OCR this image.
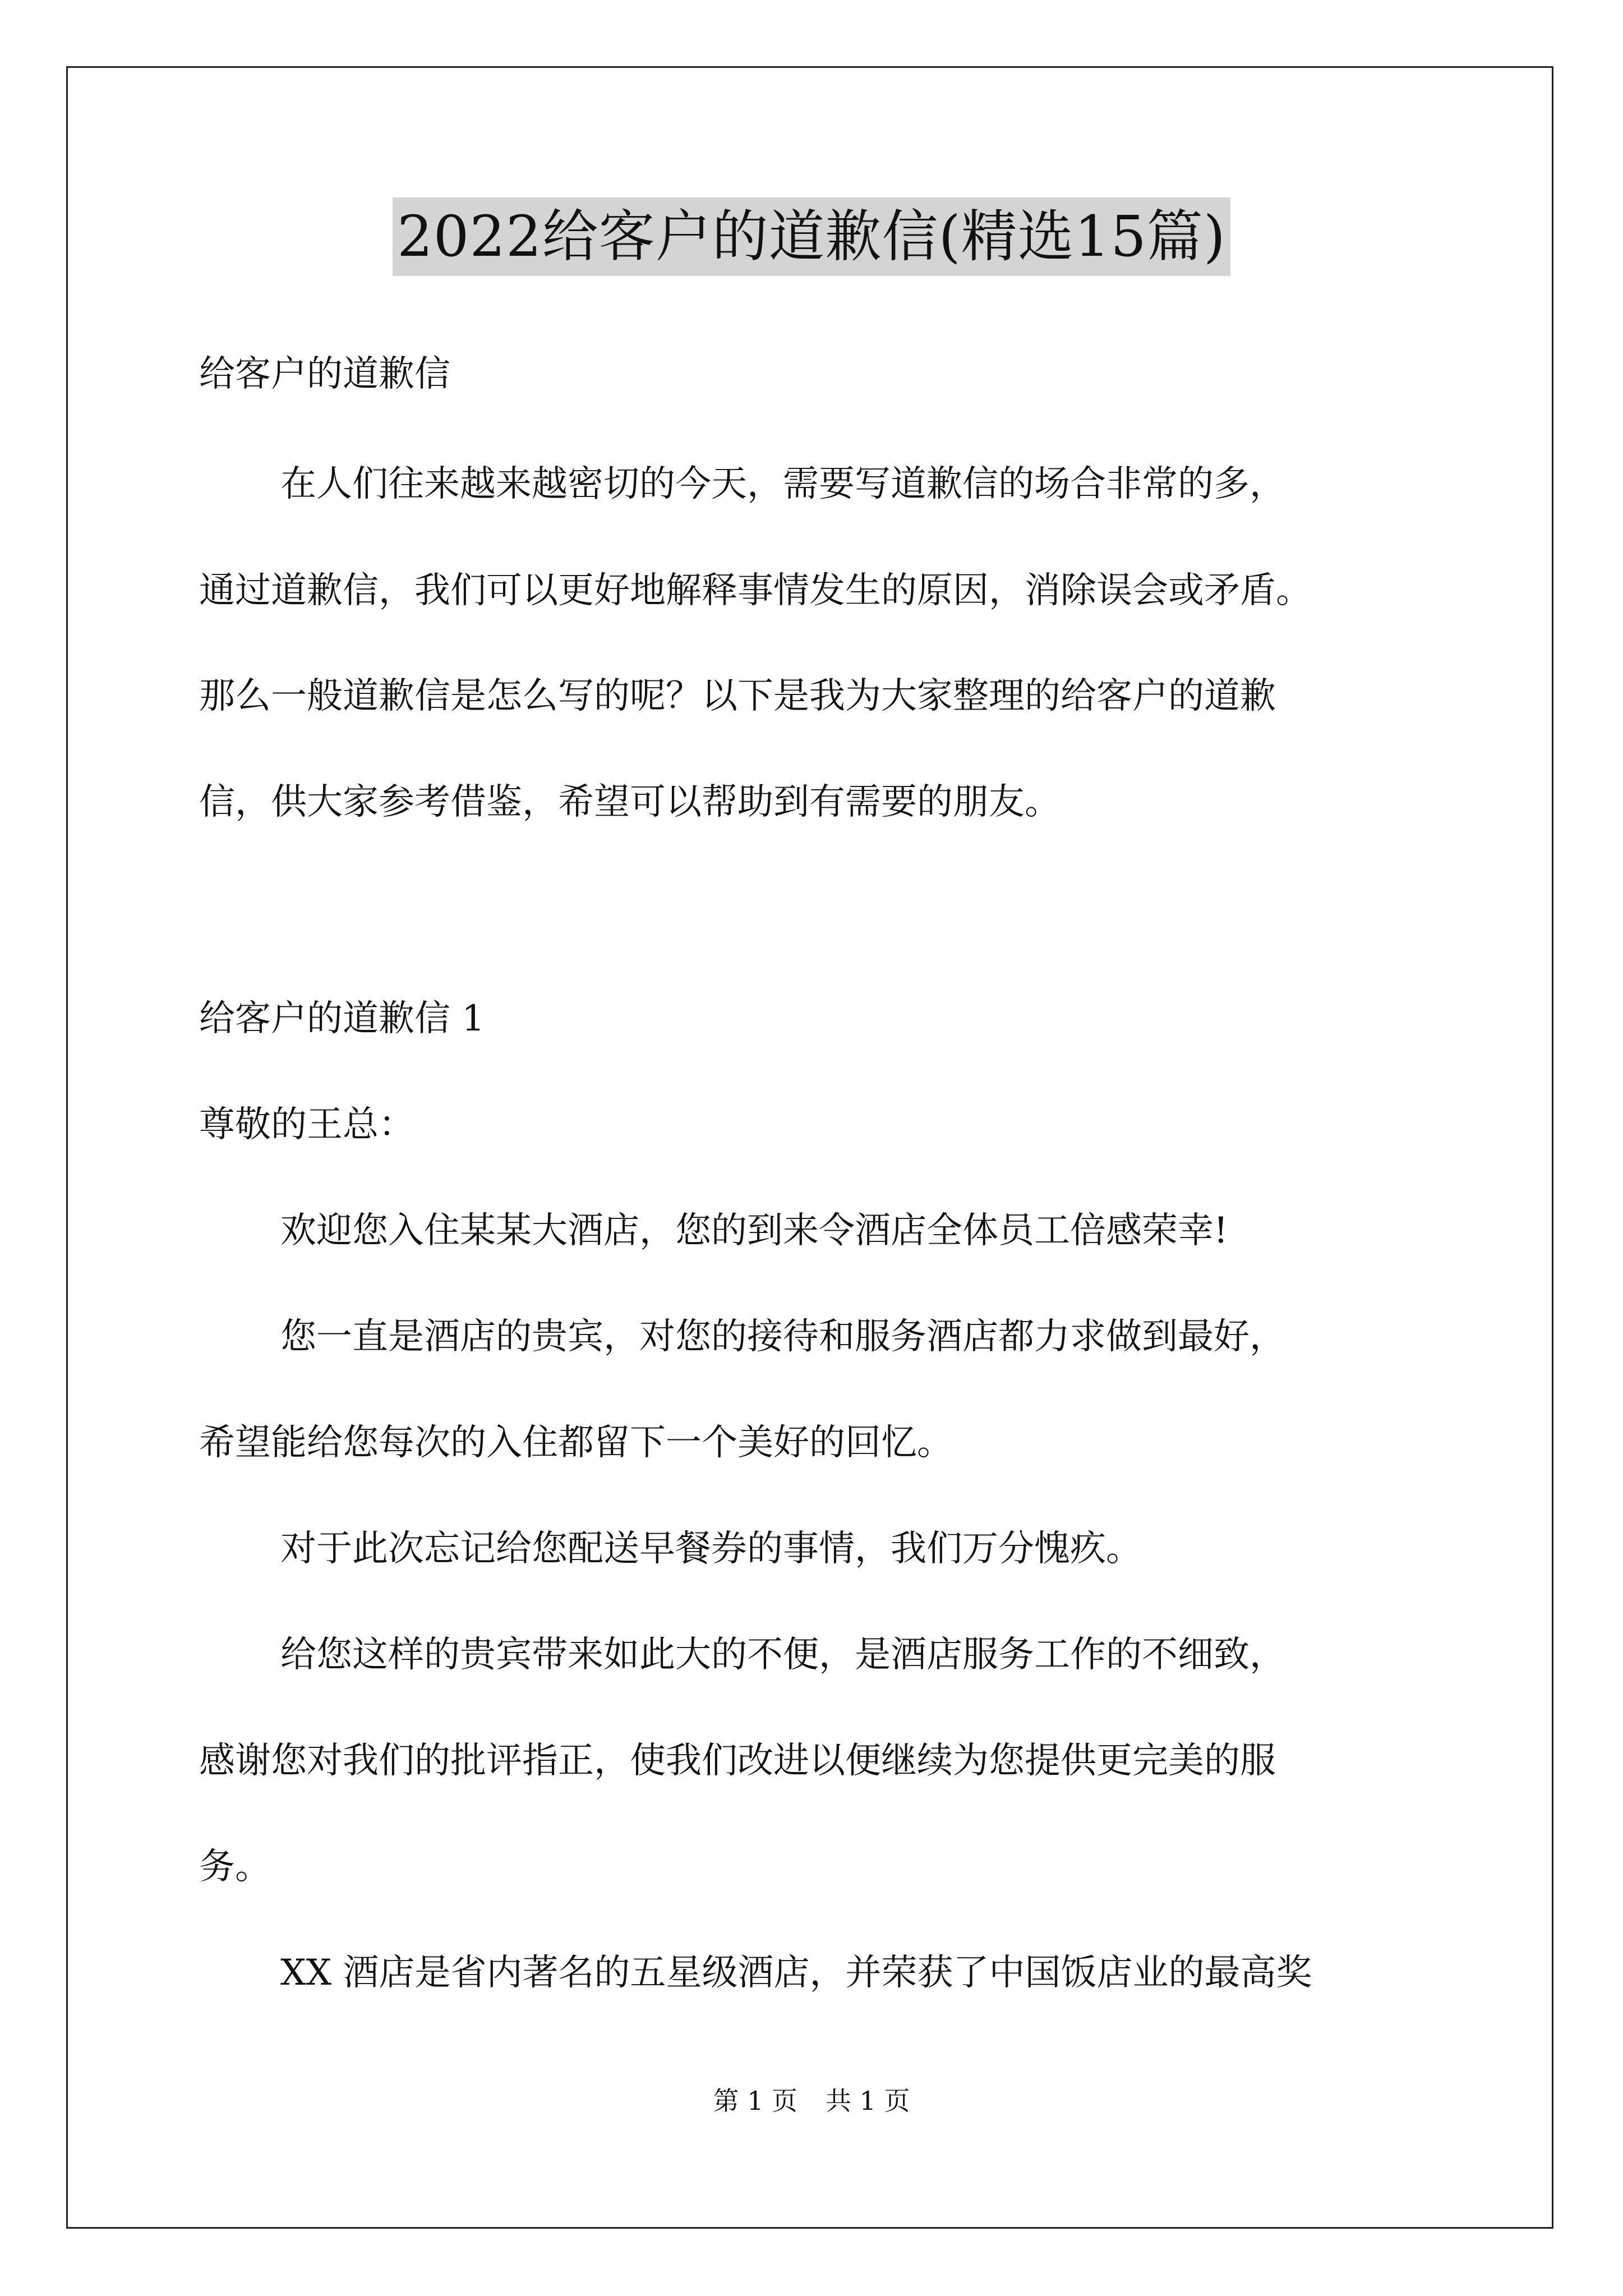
2022给客户的道歉信(精选15篇)

给客户的道歉信

在人们往来越来越密切的今天，需要写道歉信的场合非常的多，

通过道歉信，我们可以更好地解释事情发生的原因，消除误会或矛盾。

那么一般道歉信是怎么写的呢？以下是我为大家整理的给客户的道歉

信，供大家参考借鉴，希望可以帮助到有需要的朋友。

给客户的道歉信 1

尊敬的王总：

欢迎您入住某某大酒店，您的到来令酒店全体员工倍感荣幸!

您一直是酒店的贵宾，对您的接待和服务酒店都力求做到最好，

希望能给您每次的入住都留下一个美好的回忆。

对于此次忘记给您配送早餐券的事情，我们万分愧疚。

给您这样的贵宾带来如此大的不便，是酒店服务工作的不细致，

感谢您对我们的批评指正，使我们改进以便继续为您提供更完美的服

务。

XX 酒店是省内著名的五星级酒店，并荣获了中国饭店业的最高奖

第 1 页 共 1 页
